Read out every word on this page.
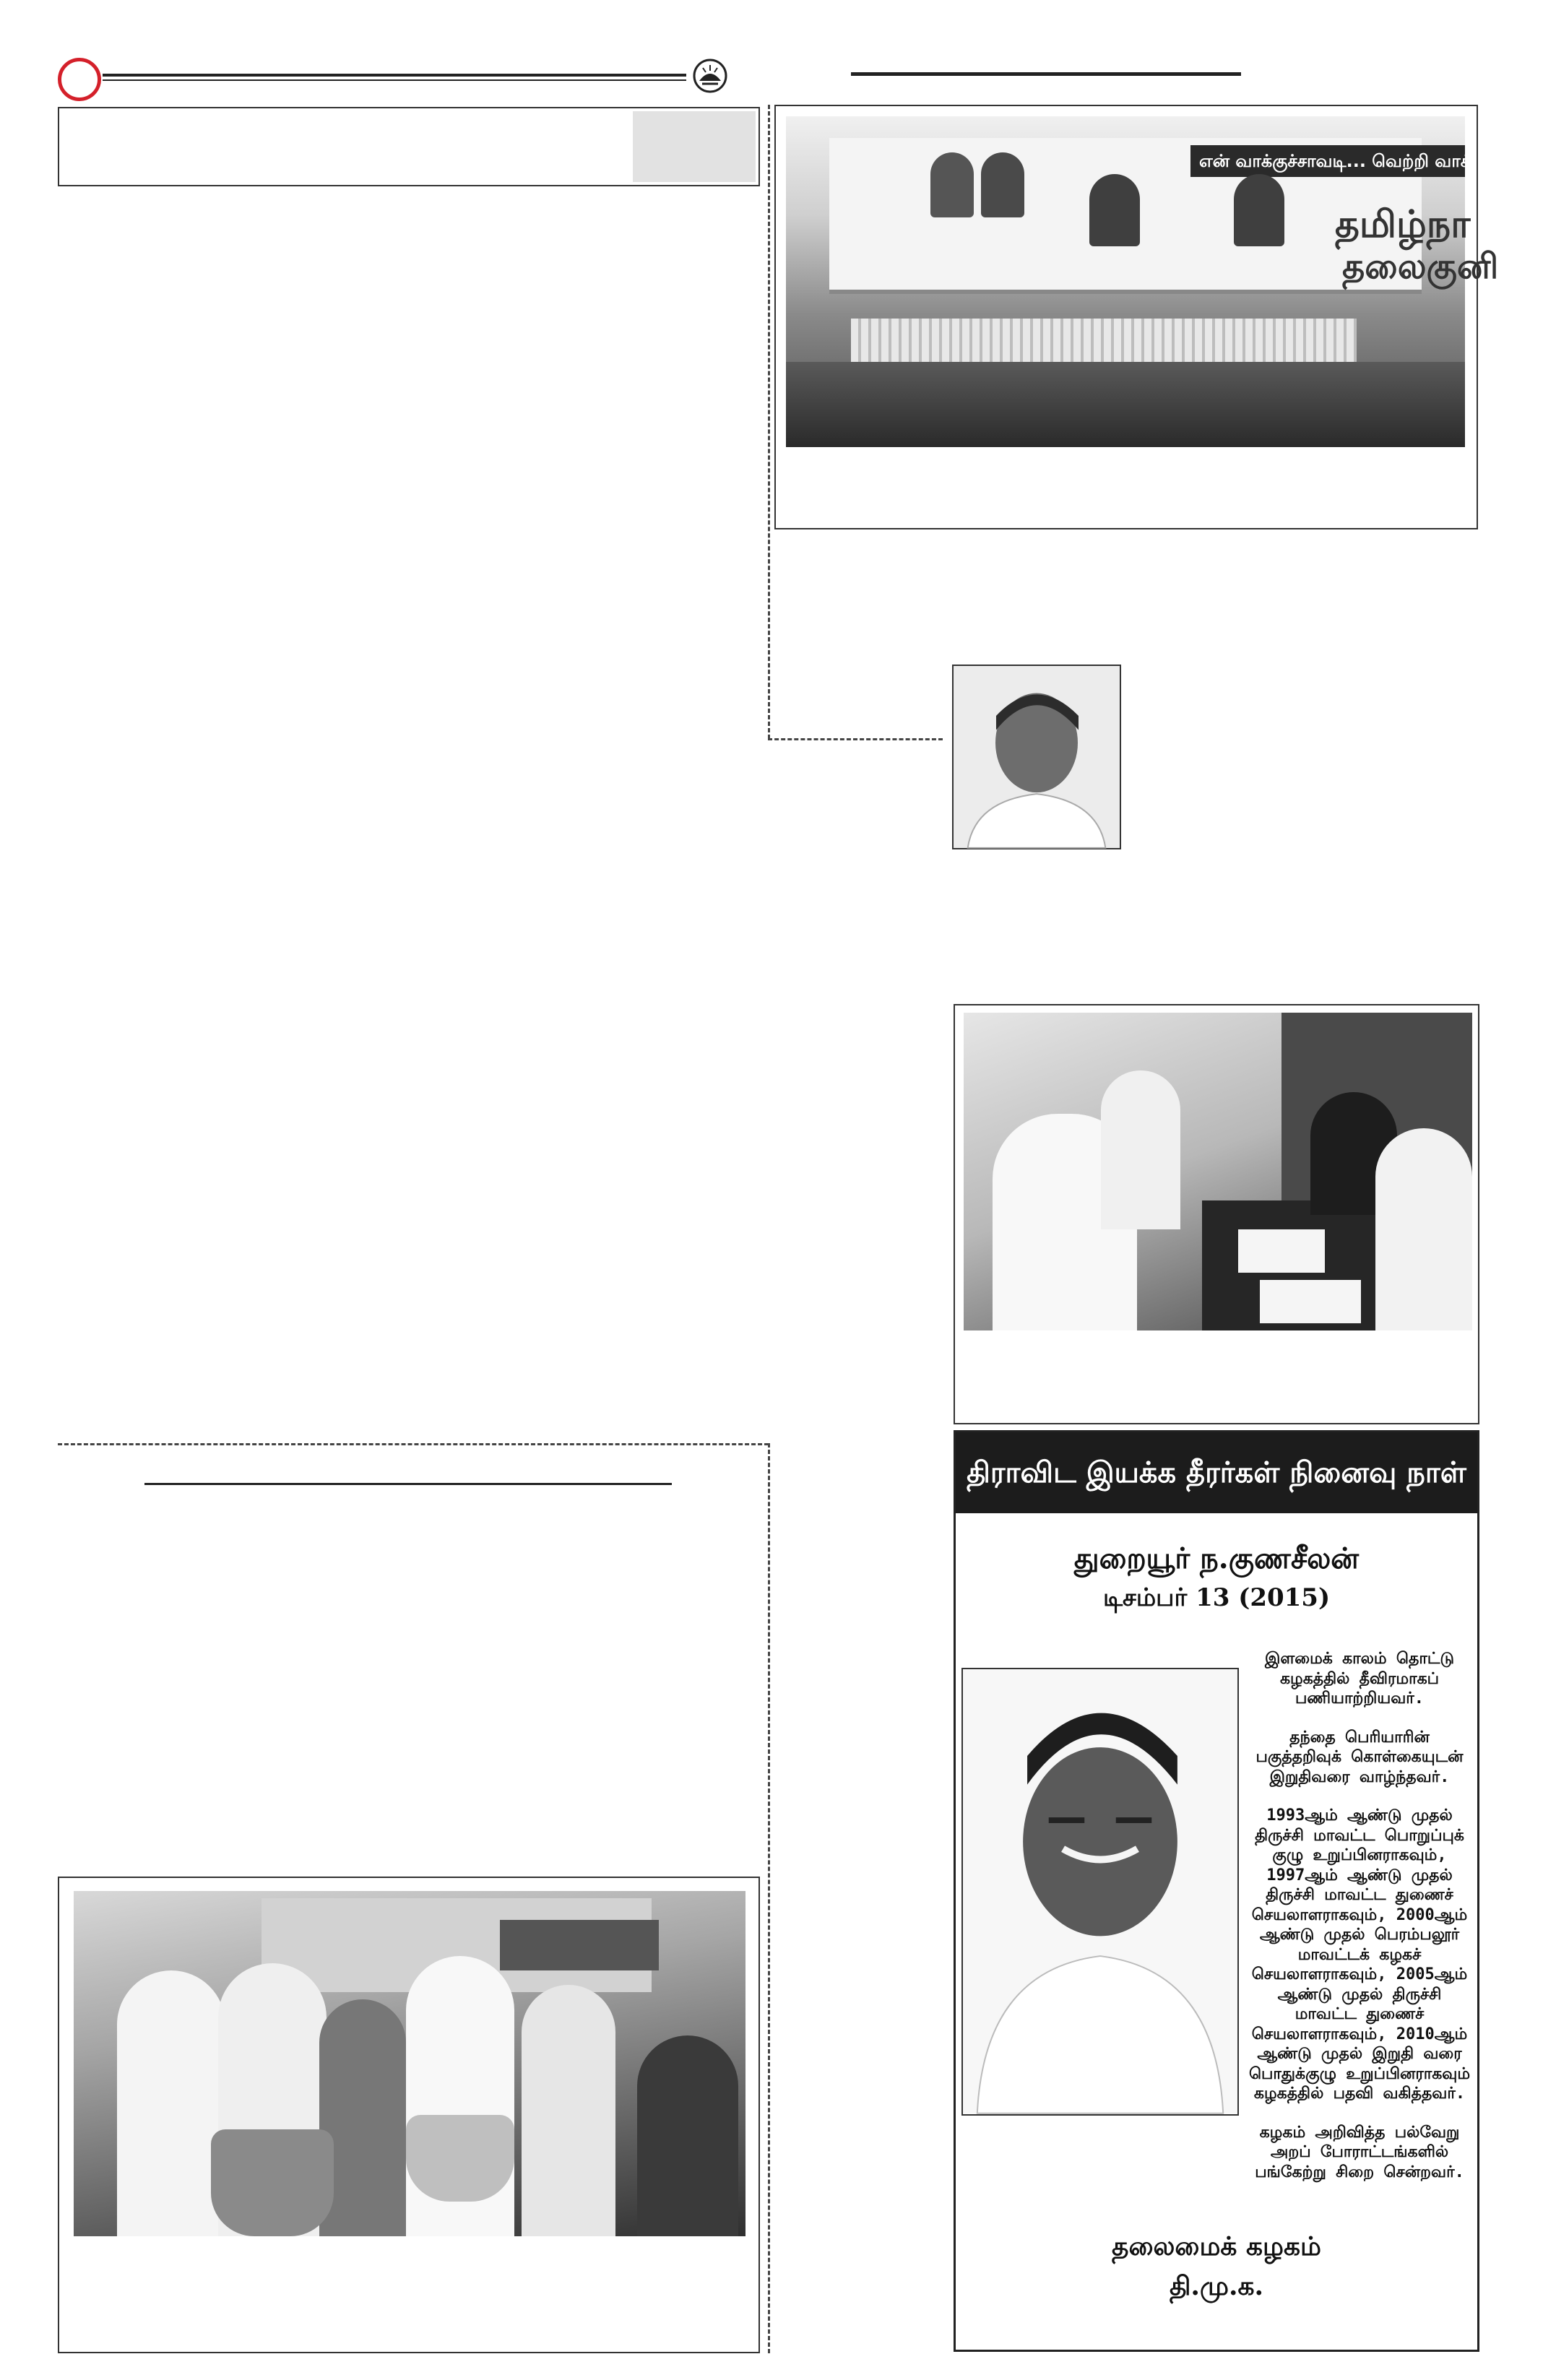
என் வாக்குச்சாவடி... வெற்றி வாக்
தமிழ்நா
தலைகுனி
திராவிட இயக்க தீரர்கள் நினைவு நாள்
துறையூர் ந.குணசீலன்
டிசம்பர் 13 (2015)

இளமைக் காலம் தொட்டு கழகத்தில் தீவிரமாகப் பணியாற்றியவர்.

தந்தை பெரியாரின் பகுத்தறிவுக் கொள்கையுடன் இறுதிவரை வாழ்ந்தவர்.

1993ஆம் ஆண்டு முதல் திருச்சி மாவட்ட பொறுப்புக் குழு உறுப்பினராகவும், 1997ஆம் ஆண்டு முதல் திருச்சி மாவட்ட துணைச் செயலாளராகவும், 2000ஆம் ஆண்டு முதல் பெரம்பலூர் மாவட்டக் கழகச் செயலாளராகவும், 2005ஆம் ஆண்டு முதல் திருச்சி மாவட்ட துணைச் செயலாளராகவும், 2010ஆம் ஆண்டு முதல் இறுதி வரை பொதுக்குழு உறுப்பினராகவும் கழகத்தில் பதவி வகித்தவர்.

கழகம் அறிவித்த பல்வேறு அறப் போராட்டங்களில் பங்கேற்று சிறை சென்றவர்.

தலைமைக் கழகம்
தி.மு.க.
